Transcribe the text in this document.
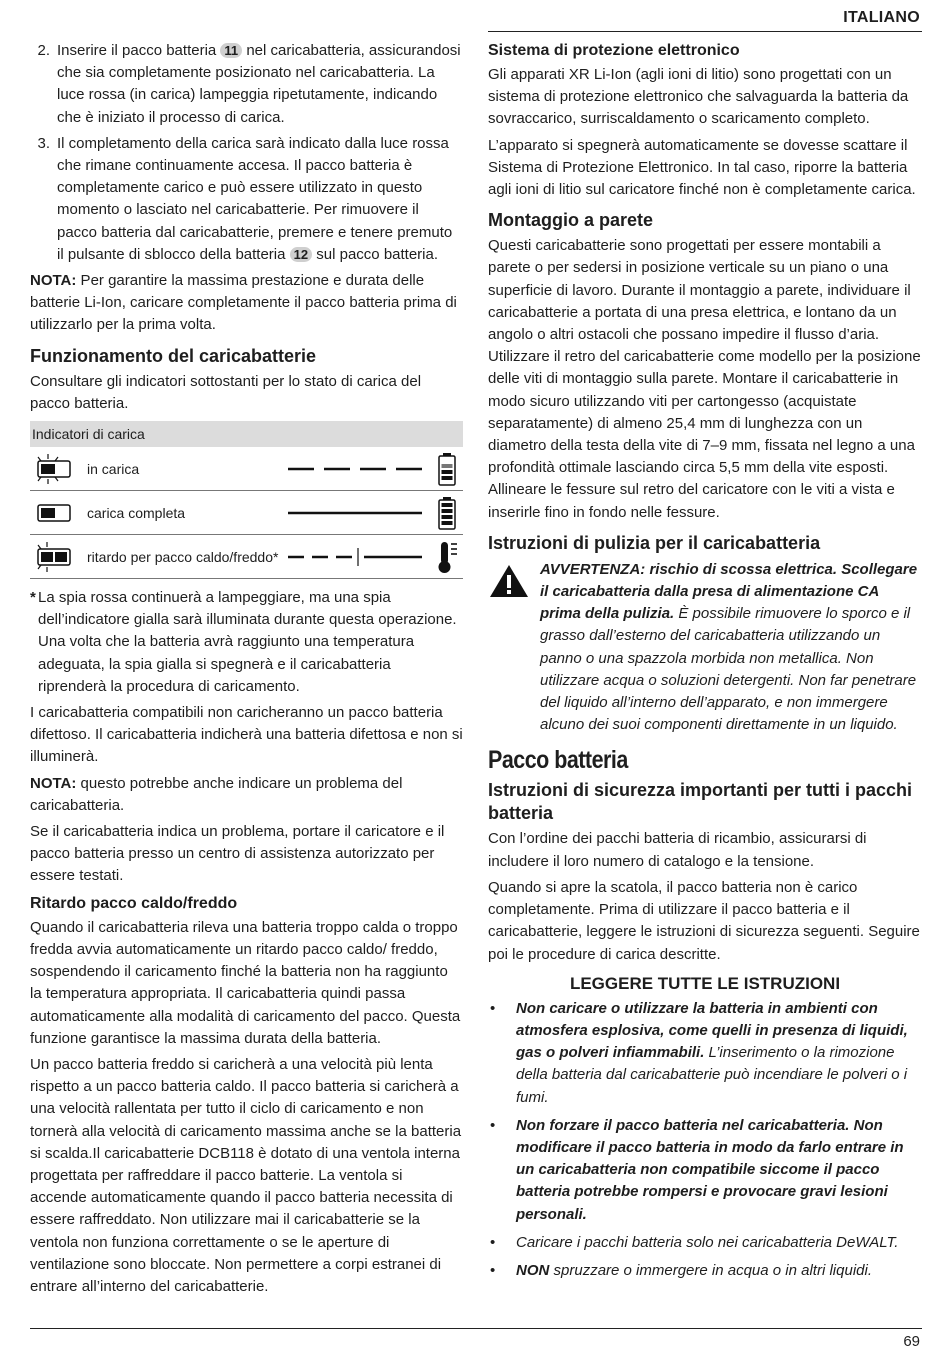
ITALIANO
2. Inserire il pacco batteria 11 nel caricabatteria, assicurandosi che sia completamente posizionato nel caricabatteria. La luce rossa (in carica) lampeggia ripetutamente, indicando che è iniziato il processo di carica.
3. Il completamento della carica sarà indicato dalla luce rossa che rimane continuamente accesa. Il pacco batteria è completamente carico e può essere utilizzato in questo momento o lasciato nel caricabatterie. Per rimuovere il pacco batteria dal caricabatterie, premere e tenere premuto il pulsante di sblocco della batteria 12 sul pacco batteria.

NOTA: Per garantire la massima prestazione e durata delle batterie Li-Ion, caricare completamente il pacco batteria prima di utilizzarlo per la prima volta.

Funzionamento del caricabatterie

Consultare gli indicatori sottostanti per lo stato di carica del pacco batteria.

Indicatori di carica
in carica
carica completa
ritardo per pacco caldo/freddo*
* La spia rossa continuerà a lampeggiare, ma una spia dell’indicatore gialla sarà illuminata durante questa operazione. Una volta che la batteria avrà raggiunto una temperatura adeguata, la spia gialla si spegnerà e il caricabatteria riprenderà la procedura di caricamento.

I caricabatteria compatibili non caricheranno un pacco batteria difettoso. Il caricabatteria indicherà una batteria difettosa e non si illuminerà.

NOTA: questo potrebbe anche indicare un problema del caricabatteria.

Se il caricabatteria indica un problema, portare il caricatore e il pacco batteria presso un centro di assistenza autorizzato per essere testati.

Ritardo pacco caldo/freddo

Quando il caricabatteria rileva una batteria troppo calda o troppo fredda avvia automaticamente un ritardo pacco caldo/ freddo, sospendendo il caricamento finché la batteria non ha raggiunto la temperatura appropriata. Il caricabatteria quindi passa automaticamente alla modalità di caricamento del pacco. Questa funzione garantisce la massima durata della batteria.

Un pacco batteria freddo si caricherà a una velocità più lenta rispetto a un pacco batteria caldo. Il pacco batteria si caricherà a una velocità rallentata per tutto il ciclo di caricamento e non tornerà alla velocità di caricamento massima anche se la batteria si scalda.Il caricabatterie DCB118 è dotato di una ventola interna progettata per raffreddare il pacco batterie. La ventola si accende automaticamente quando il pacco batteria necessita di essere raffreddato. Non utilizzare mai il caricabatterie se la ventola non funziona correttamente o se le aperture di ventilazione sono bloccate. Non permettere a corpi estranei di entrare all’interno del caricabatterie.

Sistema di protezione elettronico

Gli apparati XR Li-Ion (agli ioni di litio) sono progettati con un sistema di protezione elettronico che salvaguarda la batteria da sovraccarico, surriscaldamento o scaricamento completo.

L’apparato si spegnerà automaticamente se dovesse scattare il Sistema di Protezione Elettronico. In tal caso, riporre la batteria agli ioni di litio sul caricatore finché non è completamente carica.

Montaggio a parete

Questi caricabatterie sono progettati per essere montabili a parete o per sedersi in posizione verticale su un piano o una superficie di lavoro. Durante il montaggio a parete, individuare il caricabatterie a portata di una presa elettrica, e lontano da un angolo o altri ostacoli che possano impedire il flusso d’aria. Utilizzare il retro del caricabatterie come modello per la posizione delle viti di montaggio sulla parete. Montare il caricabatterie in modo sicuro utilizzando viti per cartongesso (acquistate separatamente) di almeno 25,4 mm di lunghezza con un diametro della testa della vite di 7–9 mm, fissata nel legno a una profondità ottimale lasciando circa 5,5 mm della vite esposti. Allineare le fessure sul retro del caricatore con le viti a vista e inserirle fino in fondo nelle fessure.

Istruzioni di pulizia per il caricabatteria
AVVERTENZA: rischio di scossa elettrica. Scollegare il caricabatteria dalla presa di alimentazione CA prima della pulizia. È possibile rimuovere lo sporco e il grasso dall’esterno del caricabatteria utilizzando un panno o una spazzola morbida non metallica. Non utilizzare acqua o soluzioni detergenti. Non far penetrare del liquido all’interno dell’apparato, e non immergere alcuno dei suoi componenti direttamente in un liquido.
Pacco batteria
Istruzioni di sicurezza importanti per tutti i pacchi batteria

Con l’ordine dei pacchi batteria di ricambio, assicurarsi di includere il loro numero di catalogo e la tensione.

Quando si apre la scatola, il pacco batteria non è carico completamente. Prima di utilizzare il pacco batteria e il caricabatterie, leggere le istruzioni di sicurezza seguenti. Seguire poi le procedure di carica descritte.

LEGGERE TUTTE LE ISTRUZIONI
•	Non caricare o utilizzare la batteria in ambienti con atmosfera esplosiva, come quelli in presenza di liquidi, gas o polveri infiammabili. L’inserimento o la rimozione della batteria dal caricabatterie può incendiare le polveri o i fumi.
•	Non forzare il pacco batteria nel caricabatteria. Non modificare il pacco batteria in modo da farlo entrare in un caricabatteria non compatibile siccome il pacco batteria potrebbe rompersi e provocare gravi lesioni personali.
•	Caricare i pacchi batteria solo nei caricabatteria DeWALT.
•	NON spruzzare o immergere in acqua o in altri liquidi.
69
